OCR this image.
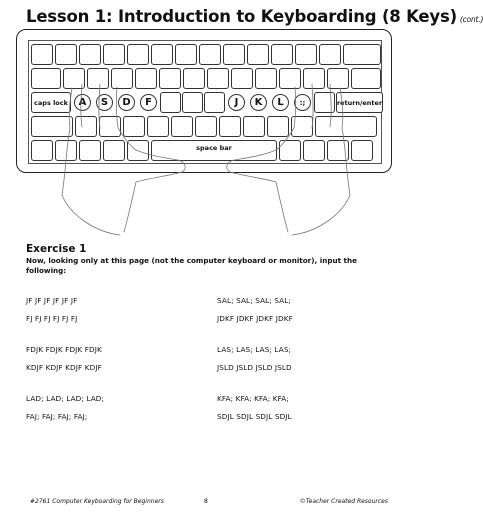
Lesson 1: Introduction to Keyboarding (8 Keys) (cont.)
caps lock	A	S	D	F	J	K	L	:;	return/enter
space bar
Exercise 1
Now, looking only at this page (not the computer keyboard or monitor), input the following:
JF JF JF JF JF JF
FJ FJ FJ FJ FJ FJ
FDJK FDJK FDJK FDJK
KDJF KDJF KDJF KDJF
LAD; LAD; LAD; LAD;
FAJ; FAJ; FAJ; FAJ;
SAL; SAL; SAL; SAL;
JDKF JDKF JDKF JDKF
LAS; LAS; LAS; LAS;
JSLD JSLD JSLD JSLD
KFA; KFA; KFA; KFA;
SDJL SDJL SDJL SDJL
#2761 Computer Keyboarding for Beginners	8	©Teacher Created Resources
